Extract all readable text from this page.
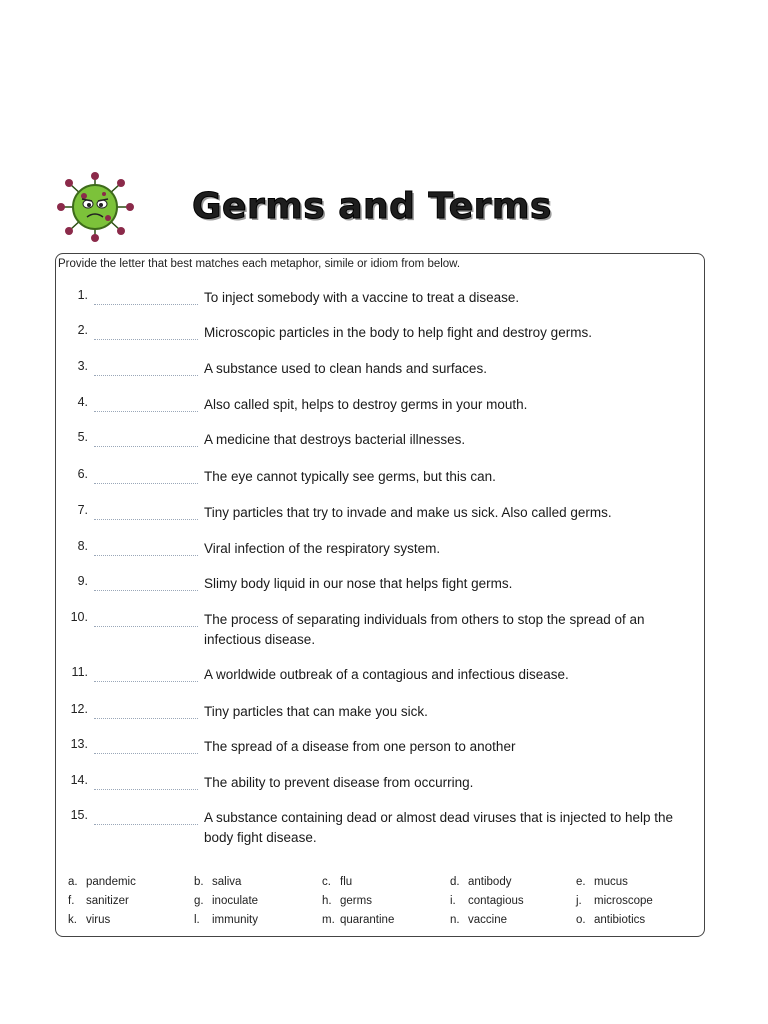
Germs and Terms
Provide the letter that best matches each metaphor, simile or idiom from below.
1.	To inject somebody with a vaccine to treat a disease.
2.	Microscopic particles in the body to help fight and destroy germs.
3.	A substance used to clean hands and surfaces.
4.	Also called spit, helps to destroy germs in your mouth.
5.	A medicine that destroys bacterial illnesses.
6.	The eye cannot typically see germs, but this can.
7.	Tiny particles that try to invade and make us sick. Also called germs.
8.	Viral infection of the respiratory system.
9.	Slimy body liquid in our nose that helps fight germs.
10.	The process of separating individuals from others to stop the spread of an infectious disease.
11.	A worldwide outbreak of a contagious and infectious disease.
12.	Tiny particles that can make you sick.
13.	The spread of a disease from one person to another
14.	The ability to prevent disease from occurring.
15.	A substance containing dead or almost dead viruses that is injected to help the body fight disease.
a. pandemic	b. saliva	c. flu	d. antibody	e. mucus
f. sanitizer	g. inoculate	h. germs	i. contagious	j. microscope
k. virus	l. immunity	m. quarantine	n. vaccine	o. antibiotics
